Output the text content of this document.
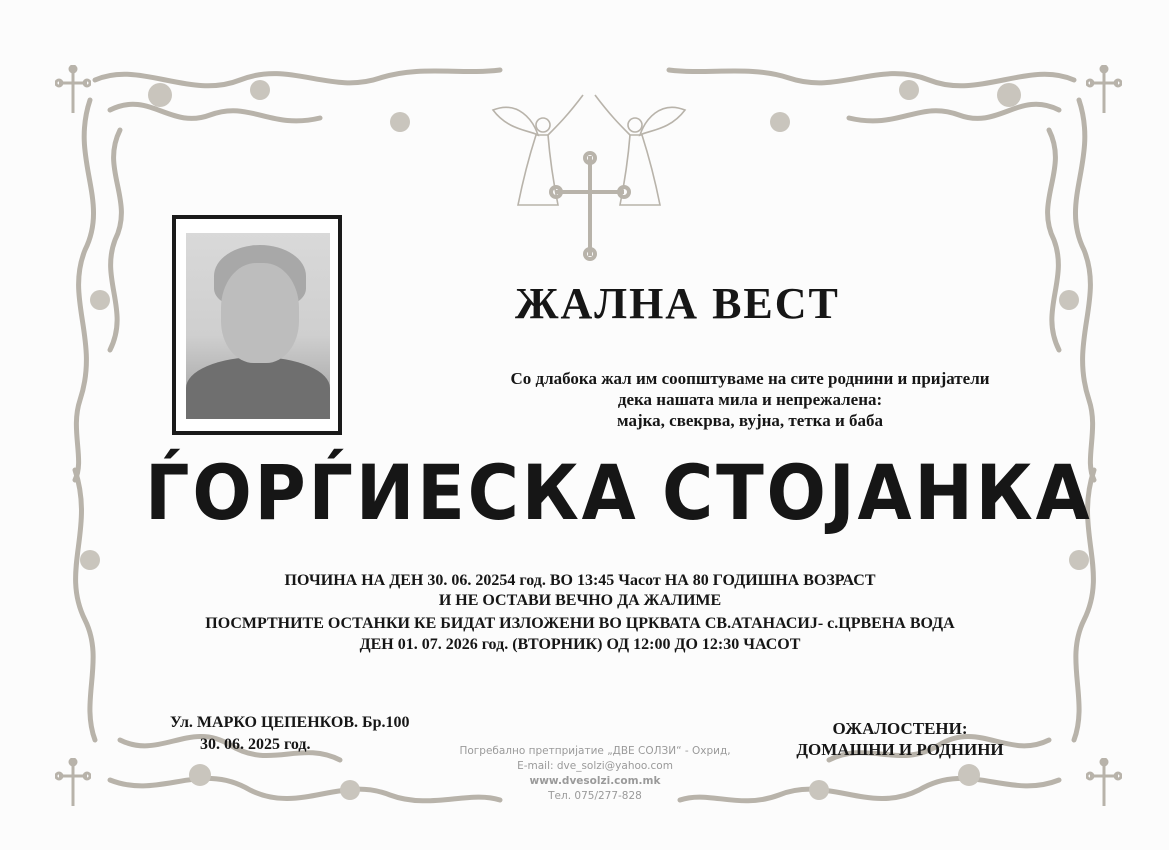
ЖАЛНА ВЕСТ
Со длабока жал им соопштуваме на сите роднини и пријатели
дека нашата мила и непрежалена:
мајка, свекрва, вујна, тетка и баба
ЃОРЃИЕСКА СТОЈАНКА
ПОЧИНА НА ДЕН 30. 06. 20254 год. ВО 13:45 Часот НА 80 ГОДИШНА ВОЗРАСТ
И НЕ ОСТАВИ ВЕЧНО ДА ЖАЛИМЕ
ПОСМРТНИТЕ ОСТАНКИ КЕ БИДАТ ИЗЛОЖЕНИ ВО ЦРКВАТА СВ.АТАНАСИЈ- с.ЦРВЕНА ВОДА
ДЕН 01. 07. 2026 год. (ВТОРНИК) ОД 12:00 ДО 12:30 ЧАСОТ
Ул. МАРКО ЦЕПЕНКОВ. Бр.100
30. 06. 2025 год.
ОЖАЛОСТЕНИ:
ДОМАШНИ И РОДНИНИ
Погребално претпријатие „ДВЕ СОЛЗИ“ - Охрид,
E-mail: dve_solzi@yahoo.com
www.dvesolzi.com.mk
Тел. 075/277-828
